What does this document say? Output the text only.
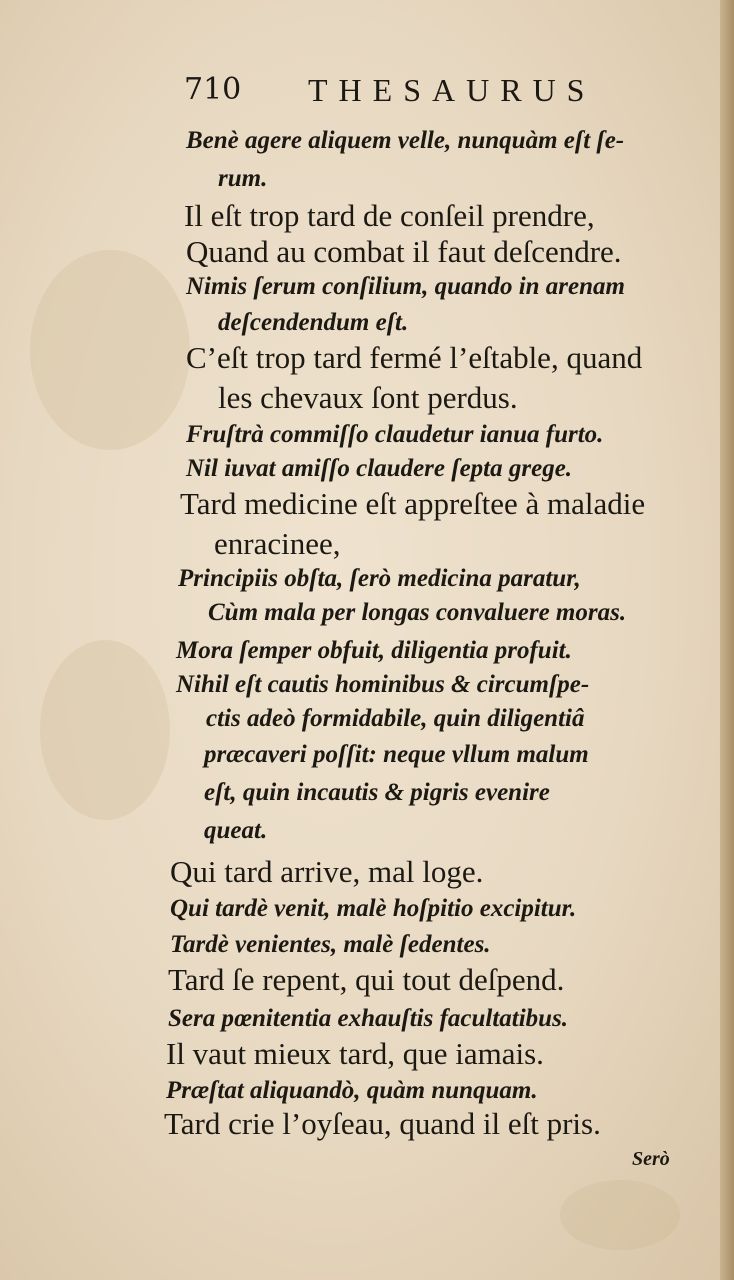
710 THESAURUS
Benè agere aliquem velle, nunquàm eſt ſe-
rum.
Il eſt trop tard de conſeil prendre,
Quand au combat il faut deſcendre.
Nimis ſerum conſilium, quando in arenam
deſcendendum eſt.
C’eſt trop tard fermé l’eſtable, quand
les chevaux ſont perdus.
Fruſtrà commiſſo claudetur ianua furto.
Nil iuvat amiſſo claudere ſepta grege.
Tard medicine eſt appreſtee à maladie
enracinee,
Principiis obſta, ſerò medicina paratur,
Cùm mala per longas convaluere moras.
Mora ſemper obfuit, diligentia profuit.
Nihil eſt cautis hominibus & circumſpe-
ctis adeò formidabile, quin diligentiâ
præcaveri poſſit: neque vllum malum
eſt, quin incautis & pigris evenire
queat.
Qui tard arrive, mal loge.
Qui tardè venit, malè hoſpitio excipitur.
Tardè venientes, malè ſedentes.
Tard ſe repent, qui tout deſpend.
Sera pœnitentia exhauſtis facultatibus.
Il vaut mieux tard, que iamais.
Præſtat aliquandò, quàm nunquam.
Tard crie l’oyſeau, quand il eſt pris.
Serò
